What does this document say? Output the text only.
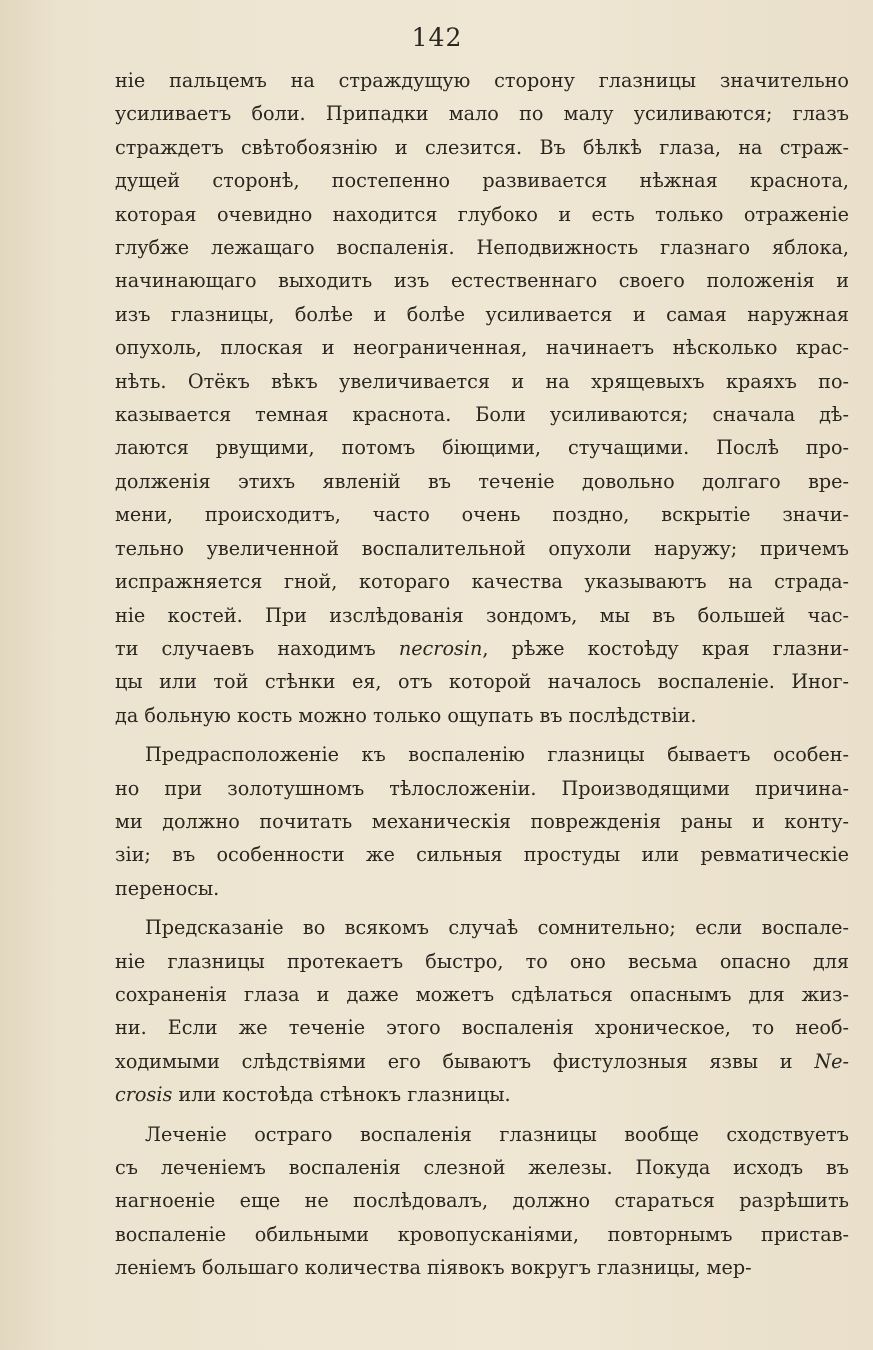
142
ніе пальцемъ на страждущую сторону глазницы значительно
усиливаетъ боли. Припадки мало по малу усиливаются; глазъ
страждетъ свѣтобоязнію и слезится. Въ бѣлкѣ глаза, на страж-
дущей сторонѣ, постепенно развивается нѣжная краснота,
которая очевидно находится глубоко и есть только отраженіе
глубже лежащаго воспаленія. Неподвижность глазнаго яблока,
начинающаго выходить изъ естественнаго своего положенія и
изъ глазницы, болѣе и болѣе усиливается и самая наружная
опухоль, плоская и неограниченная, начинаетъ нѣсколько крас-
нѣть. Отёкъ вѣкъ увеличивается и на хрящевыхъ краяхъ по-
казывается темная краснота. Боли усиливаются; сначала дѣ-
лаются рвущими, потомъ біющими, стучащими. Послѣ про-
долженія этихъ явленій въ теченіе довольно долгаго вре-
мени, происходитъ, часто очень поздно, вскрытіе значи-
тельно увеличенной воспалительной опухоли наружу; причемъ
испражняется гной, котораго качества указываютъ на страда-
ніе костей. При изслѣдованія зондомъ, мы въ большей час-
ти случаевъ находимъ necrosin, рѣже костоѣду края глазни-
цы или той стѣнки ея, отъ которой началось воспаленіе. Иног-
да больную кость можно только ощупать въ послѣдствіи.
Предрасположеніе къ воспаленію глазницы бываетъ особен-
но при золотушномъ тѣлосложеніи. Производящими причина-
ми должно почитать механическія поврежденія раны и конту-
зіи; въ особенности же сильныя простуды или ревматическіе
переносы.
Предсказаніе во всякомъ случаѣ сомнительно; если воспале-
ніе глазницы протекаетъ быстро, то оно весьма опасно для
сохраненія глаза и даже можетъ сдѣлаться опаснымъ для жиз-
ни. Если же теченіе этого воспаленія хроническое, то необ-
ходимыми слѣдствіями его бываютъ фистулозныя язвы и Ne-
crosis или костоѣда стѣнокъ глазницы.
Леченіе остраго воспаленія глазницы вообще сходствуетъ
съ леченіемъ воспаленія слезной железы. Покуда исходъ въ
нагноеніе еще не послѣдовалъ, должно стараться разрѣшить
воспаленіе обильными кровопусканіями, повторнымъ пристав-
леніемъ большаго количества піявокъ вокругъ глазницы, мер-
